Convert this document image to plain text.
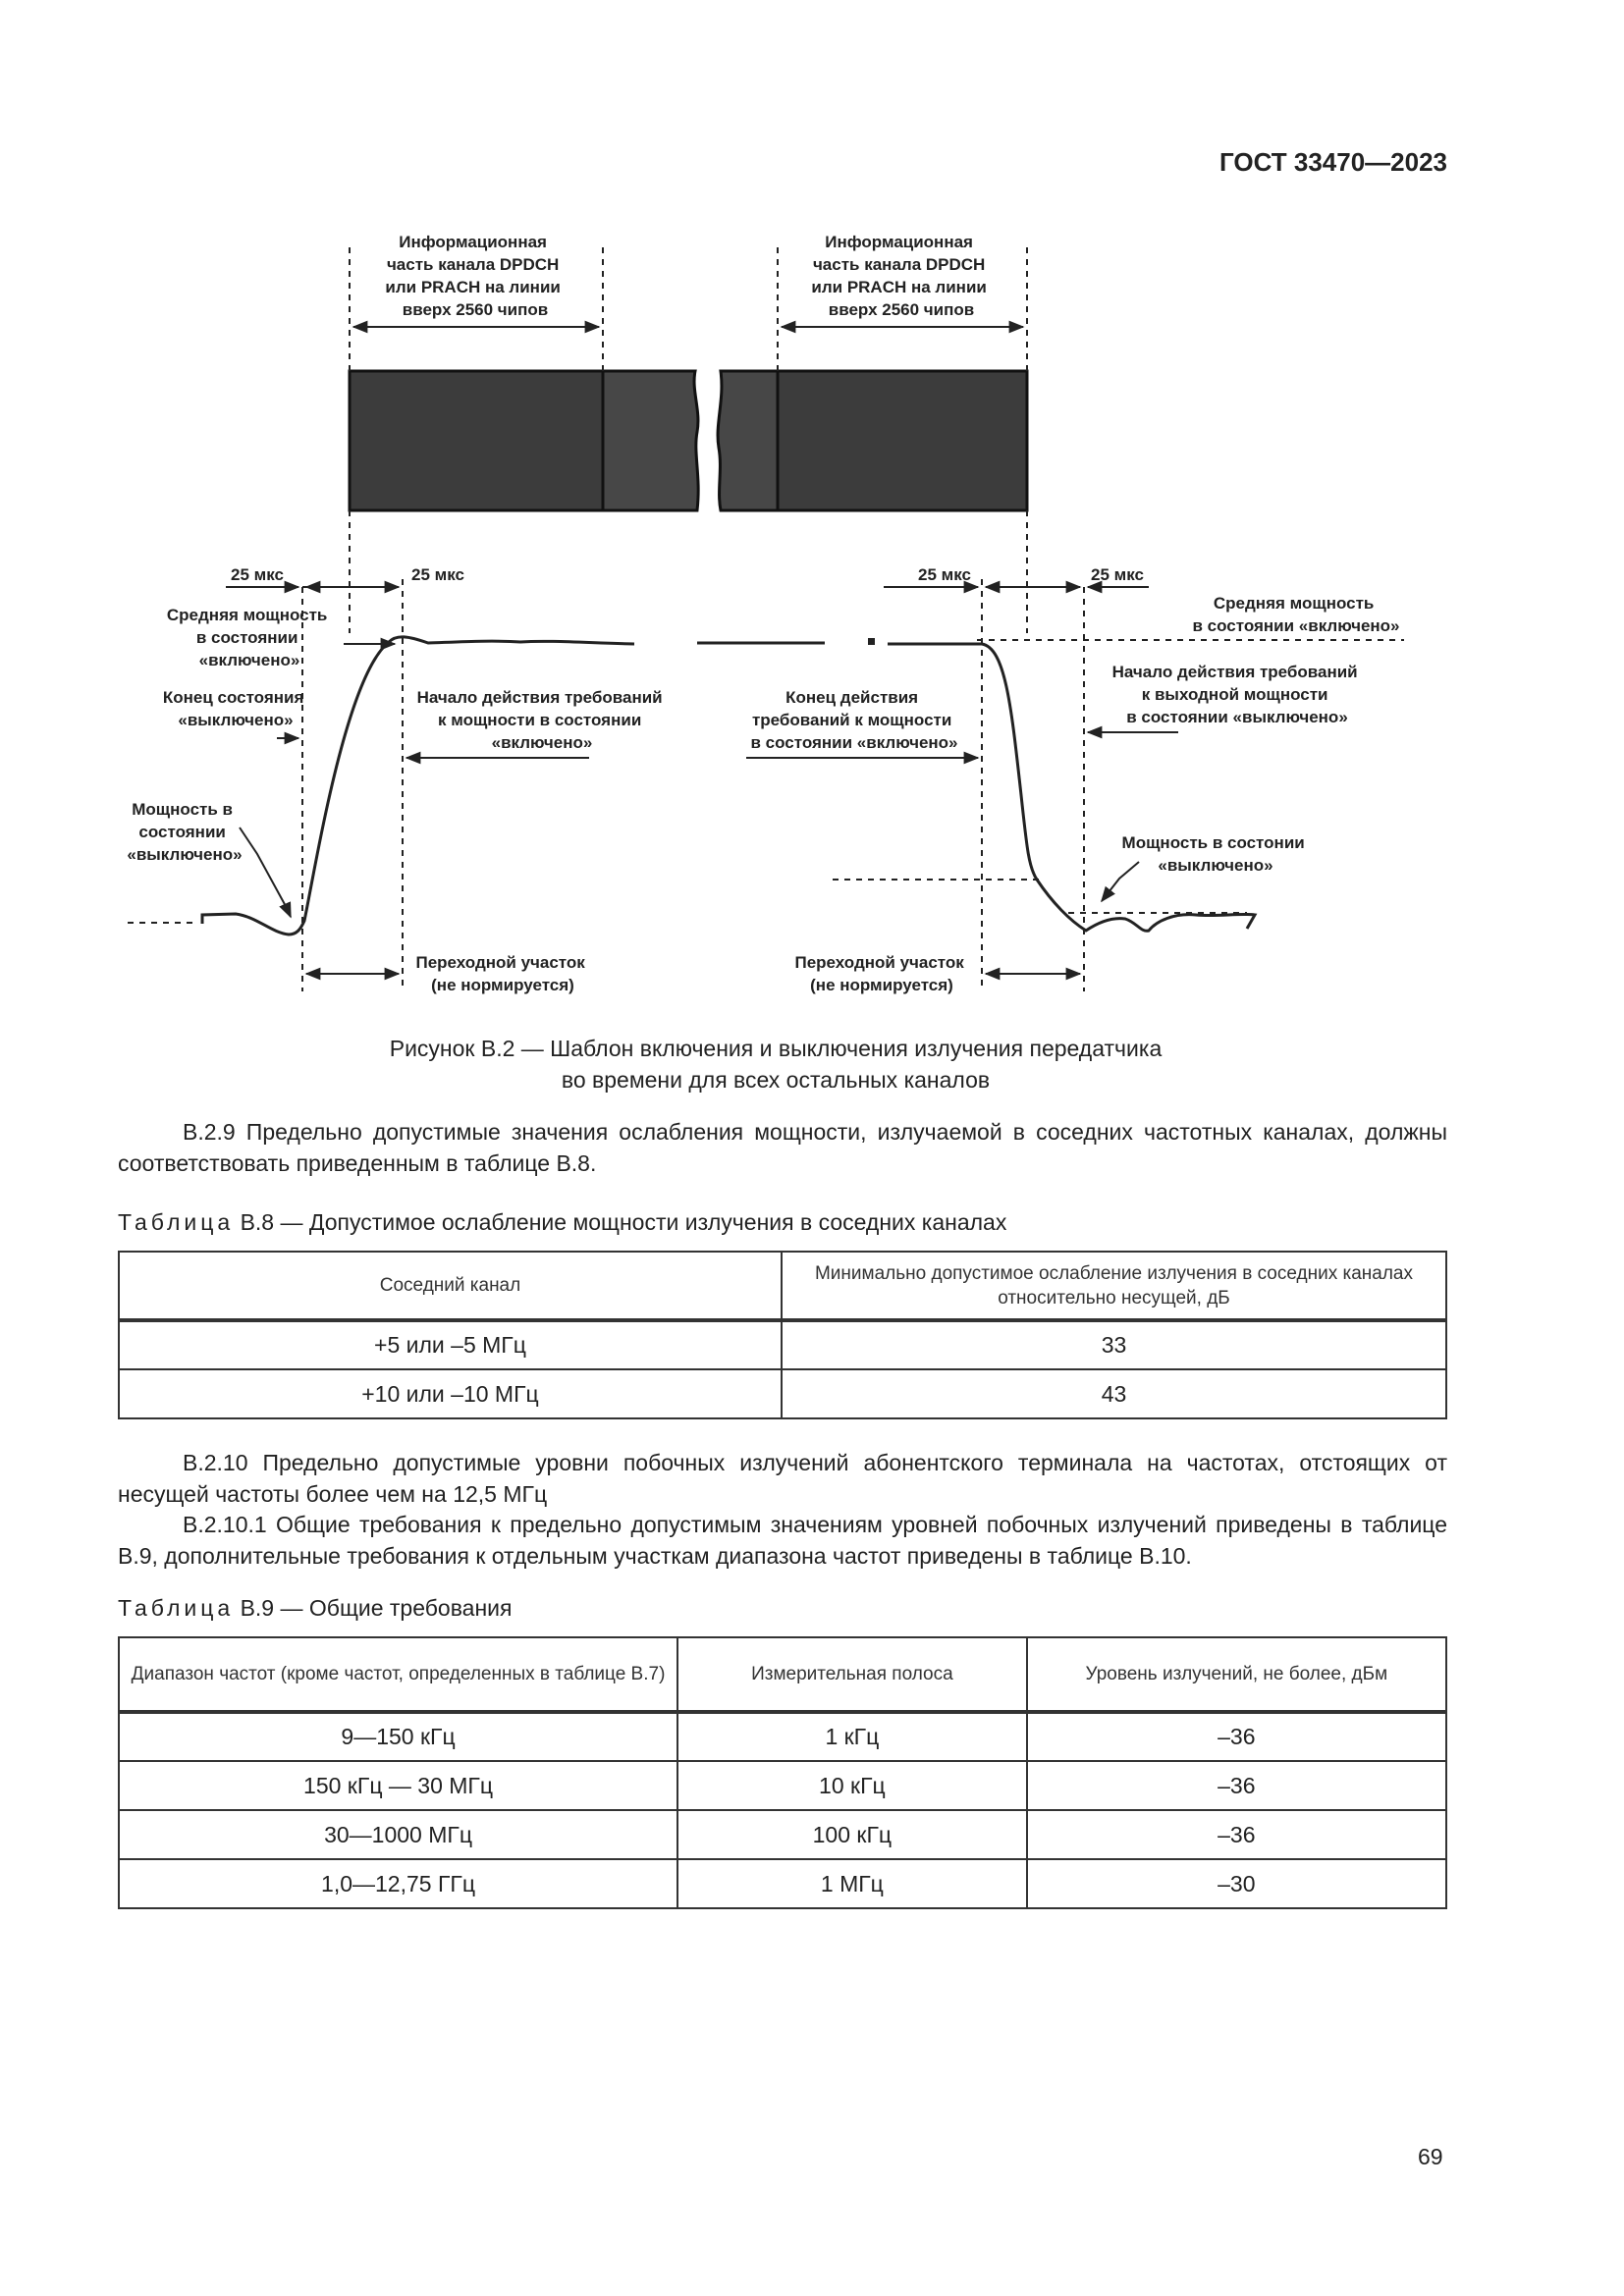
ГОСТ 33470—2023
Информационная часть канала DPDCH или PRACH на линии вверх 2560 чипов
Информационная часть канала DPDCH или PRACH на линии вверх 2560 чипов
25 мкс	25 мкс	25 мкс	25 мкс
Средняя мощность в состоянии «включено»
Средняя мощность в состоянии «включено»
Конец состояния «выключено»
Начало действия требований к мощности в состоянии «включено»
Конец действия требований к мощности в состоянии «включено»
Начало действия требований к выходной мощности в состоянии «выключено»
Мощность в состоянии «выключено»
Мощность в состонии «выключено»
Переходной участок (не нормируется)
Переходной участок (не нормируется)
Рисунок В.2 — Шаблон включения и выключения излучения передатчика
во времени для всех остальных каналов
В.2.9 Предельно допустимые значения ослабления мощности, излучаемой в соседних частотных каналах, должны соответствовать приведенным в таблице В.8.
Таблица В.8 — Допустимое ослабление мощности излучения в соседних каналах
Соседний канал	Минимально допустимое ослабление излучения в соседних каналах относительно несущей, дБ
+5 или –5 МГц	33
+10 или –10 МГц	43
В.2.10 Предельно допустимые уровни побочных излучений абонентского терминала на частотах, отстоящих от несущей частоты более чем на 12,5 МГц
В.2.10.1 Общие требования к предельно допустимым значениям уровней побочных излучений приведены в таблице В.9, дополнительные требования к отдельным участкам диапазона частот приведены в таблице В.10.
Таблица В.9 — Общие требования
Диапазон частот (кроме частот, определенных в таблице В.7)	Измерительная полоса	Уровень излучений, не более, дБм
9—150 кГц	1 кГц	–36
150 кГц — 30 МГц	10 кГц	–36
30—1000 МГц	100 кГц	–36
1,0—12,75 ГГц	1 МГц	–30
69
